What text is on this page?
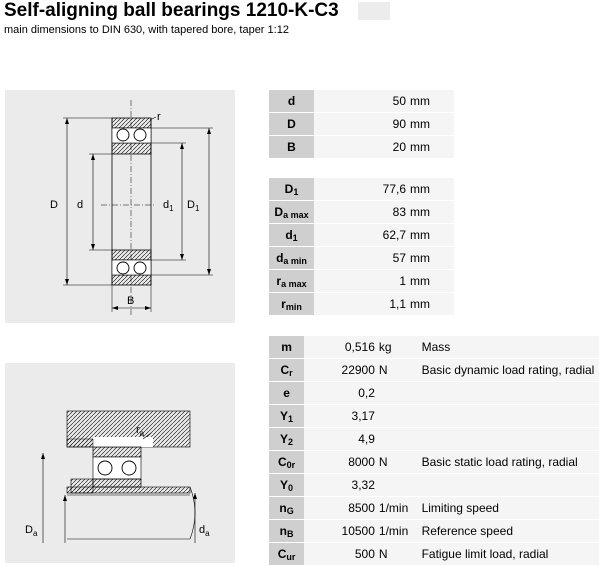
Self-aligning ball bearings 1210-K-C3
main dimensions to DIN 630, with tapered bore, taper 1:12
D d	$d_1$ $D_1$
B
r
$D_a$	$d_a$
$r_a$
d	50	mm
D	90	mm
B	20	mm
$D_1$	77,6	mm
$D_{a max}$	83	mm
$d_1$	62,7	mm
$d_{a min}$	57	mm
$r_{a max}$	1	mm
$r_{min}$	1,1	mm
m	0,516	kg	Mass
$C_r$	22900	N	Basic dynamic load rating, radial
e	0,2		
$Y_1$	3,17		
$Y_2$	4,9		
$C_{0r}$	8000	N	Basic static load rating, radial
$Y_0$	3,32		
$n_G$	8500	1/min	Limiting speed
$n_B$	10500	1/min	Reference speed
$C_{ur}$	500	N	Fatigue limit load, radial
